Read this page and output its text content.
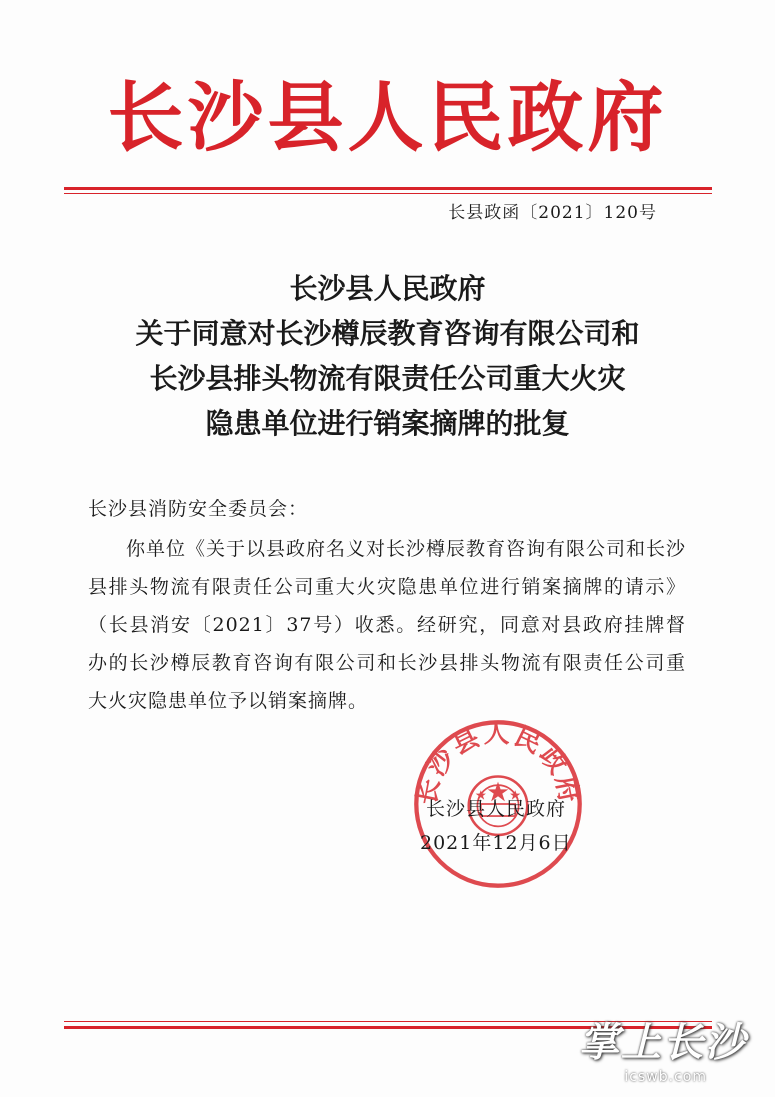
长沙县人民政府
长县政函〔2021〕120号
长沙县人民政府
关于同意对长沙樽辰教育咨询有限公司和
长沙县排头物流有限责任公司重大火灾
隐患单位进行销案摘牌的批复
长沙县消防安全委员会：
你单位《关于以县政府名义对长沙樽辰教育咨询有限公司和长沙县排头物流有限责任公司重大火灾隐患单位进行销案摘牌的请示》（长县消安〔2021〕37号）收悉。经研究，同意对县政府挂牌督办的长沙樽辰教育咨询有限公司和长沙县排头物流有限责任公司重大火灾隐患单位予以销案摘牌。
长沙县人民政府
长沙县人民政府
2021年12月6日
掌上长沙
icswb.com
